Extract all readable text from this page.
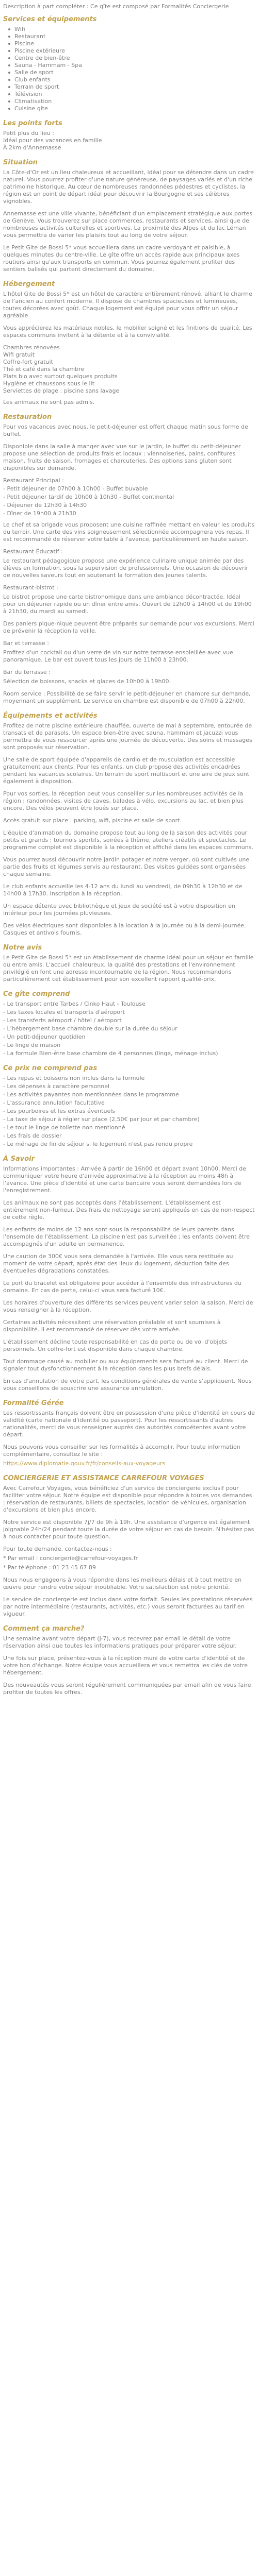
Description à part compléter : Ce gîte est composé par Formalités Conciergerie

Services et équipements
Wifi
Restaurant
Piscine
Piscine extérieure
Centre de bien-être
Sauna - Hammam - Spa
Salle de sport
Club enfants
Terrain de sport
Télévision
Climatisation
Cuisine gîte
Les points forts
Petit plus du lieu :
Idéal pour des vacances en famille
À 2km d'Annemasse
Situation

La Côte-d'Or est un lieu chaleureux et accueillant, idéal pour se détendre dans un cadre naturel. Vous pourrez profiter d'une nature généreuse, de paysages variés et d'un riche patrimoine historique. Au cœur de nombreuses randonnées pédestres et cyclistes, la région est un point de départ idéal pour découvrir la Bourgogne et ses célèbres vignobles.

Annemasse est une ville vivante, bénéficiant d'un emplacement stratégique aux portes de Genève. Vous trouverez sur place commerces, restaurants et services, ainsi que de nombreuses activités culturelles et sportives. La proximité des Alpes et du lac Léman vous permettra de varier les plaisirs tout au long de votre séjour.

Le Petit Gite de Bossi 5* vous accueillera dans un cadre verdoyant et paisible, à quelques minutes du centre-ville. Le gîte offre un accès rapide aux principaux axes routiers ainsi qu'aux transports en commun. Vous pourrez également profiter des sentiers balisés qui partent directement du domaine.

Hébergement

L'hôtel Gite de Bossi 5* est un hôtel de caractère entièrement rénové, alliant le charme de l'ancien au confort moderne. Il dispose de chambres spacieuses et lumineuses, toutes décorées avec goût. Chaque logement est équipé pour vous offrir un séjour agréable.

Vous apprécierez les matériaux nobles, le mobilier soigné et les finitions de qualité. Les espaces communs invitent à la détente et à la convivialité.

Chambres rénovées
Wifi gratuit
Coffre-fort gratuit
Thé et café dans la chambre
Plats bio avec surtout quelques produits
Hygiène et chaussons sous le lit
Serviettes de plage : piscine sans lavage

Les animaux ne sont pas admis.

Restauration

Pour vos vacances avec nous, le petit-déjeuner est offert chaque matin sous forme de buffet.

Disponible dans la salle à manger avec vue sur le jardin, le buffet du petit-déjeuner propose une sélection de produits frais et locaux : viennoiseries, pains, confitures maison, fruits de saison, fromages et charcuteries. Des options sans gluten sont disponibles sur demande.

Restaurant Principal :

- Petit déjeuner de 07h00 à 10h00 - Buffet buvable
- Petit déjeuner tardif de 10h00 à 10h30 - Buffet continental
- Déjeuner de 12h30 à 14h30
- Dîner de 19h00 à 21h30

Le chef et sa brigade vous proposent une cuisine raffinée mettant en valeur les produits du terroir. Une carte des vins soigneusement sélectionnée accompagnera vos repas. Il est recommandé de réserver votre table à l'avance, particulièrement en haute saison.

Restaurant Éducatif :

Le restaurant pédagogique propose une expérience culinaire unique animée par des élèves en formation, sous la supervision de professionnels. Une occasion de découvrir de nouvelles saveurs tout en soutenant la formation des jeunes talents.

Restaurant-bistrot :

Le bistrot propose une carte bistronomique dans une ambiance décontractée. Idéal pour un déjeuner rapide ou un dîner entre amis. Ouvert de 12h00 à 14h00 et de 19h00 à 21h30, du mardi au samedi.

Des paniers pique-nique peuvent être préparés sur demande pour vos excursions. Merci de prévenir la réception la veille.

Bar et terrasse :

Profitez d'un cocktail ou d'un verre de vin sur notre terrasse ensoleillée avec vue panoramique. Le bar est ouvert tous les jours de 11h00 à 23h00.

Bar du terrasse :

Sélection de boissons, snacks et glaces de 10h00 à 19h00.

Room service : Possibilité de se faire servir le petit-déjeuner en chambre sur demande, moyennant un supplément. Le service en chambre est disponible de 07h00 à 22h00.

Équipements et activités

Profitez de notre piscine extérieure chauffée, ouverte de mai à septembre, entourée de transats et de parasols. Un espace bien-être avec sauna, hammam et jacuzzi vous permettra de vous ressourcer après une journée de découverte. Des soins et massages sont proposés sur réservation.

Une salle de sport équipée d'appareils de cardio et de musculation est accessible gratuitement aux clients. Pour les enfants, un club propose des activités encadrées pendant les vacances scolaires. Un terrain de sport multisport et une aire de jeux sont également à disposition.

Pour vos sorties, la réception peut vous conseiller sur les nombreuses activités de la région : randonnées, visites de caves, balades à vélo, excursions au lac, et bien plus encore. Des vélos peuvent être loués sur place.

Accès gratuit sur place : parking, wifi, piscine et salle de sport.

L'équipe d'animation du domaine propose tout au long de la saison des activités pour petits et grands : tournois sportifs, soirées à thème, ateliers créatifs et spectacles. Le programme complet est disponible à la réception et affiché dans les espaces communs.

Vous pourrez aussi découvrir notre jardin potager et notre verger, où sont cultivés une partie des fruits et légumes servis au restaurant. Des visites guidées sont organisées chaque semaine.

Le club enfants accueille les 4-12 ans du lundi au vendredi, de 09h30 à 12h30 et de 14h00 à 17h30. Inscription à la réception.

Un espace détente avec bibliothèque et jeux de société est à votre disposition en intérieur pour les journées pluvieuses.

Des vélos électriques sont disponibles à la location à la journée ou à la demi-journée. Casques et antivols fournis.

Notre avis

Le Petit Gite de Bossi 5* est un établissement de charme idéal pour un séjour en famille ou entre amis. L'accueil chaleureux, la qualité des prestations et l'environnement privilégié en font une adresse incontournable de la région. Nous recommandons particulièrement cet établissement pour son excellent rapport qualité-prix.

Ce gîte comprend
- Le transport entre Tarbes / Cinko Haut - Toulouse
- Les taxes locales et transports d'aéroport
- Les transferts aéroport / hôtel / aéroport
- L'hébergement base chambre double sur la durée du séjour
- Un petit-déjeuner quotidien
- Le linge de maison
- La formule Bien-être base chambre de 4 personnes (linge, ménage inclus)
Ce prix ne comprend pas
- Les repas et boissons non inclus dans la formule
- Les dépenses à caractère personnel
- Les activités payantes non mentionnées dans le programme
- L'assurance annulation facultative
- Les pourboires et les extras éventuels
- La taxe de séjour à régler sur place (2,50€ par jour et par chambre)
- Le tout le linge de toilette non mentionné
- Les frais de dossier
- Le ménage de fin de séjour si le logement n'est pas rendu propre
À Savoir

Informations importantes : Arrivée à partir de 16h00 et départ avant 10h00. Merci de communiquer votre heure d'arrivée approximative à la réception au moins 48h à l'avance. Une pièce d'identité et une carte bancaire vous seront demandées lors de l'enregistrement.

Les animaux ne sont pas acceptés dans l'établissement. L'établissement est entièrement non-fumeur. Des frais de nettoyage seront appliqués en cas de non-respect de cette règle.

Les enfants de moins de 12 ans sont sous la responsabilité de leurs parents dans l'ensemble de l'établissement. La piscine n'est pas surveillée ; les enfants doivent être accompagnés d'un adulte en permanence.

Une caution de 300€ vous sera demandée à l'arrivée. Elle vous sera restituée au moment de votre départ, après état des lieux du logement, déduction faite des éventuelles dégradations constatées.

Le port du bracelet est obligatoire pour accéder à l'ensemble des infrastructures du domaine. En cas de perte, celui-ci vous sera facturé 10€.

Les horaires d'ouverture des différents services peuvent varier selon la saison. Merci de vous renseigner à la réception.

Certaines activités nécessitent une réservation préalable et sont soumises à disponibilité. Il est recommandé de réserver dès votre arrivée.

L'établissement décline toute responsabilité en cas de perte ou de vol d'objets personnels. Un coffre-fort est disponible dans chaque chambre.

Tout dommage causé au mobilier ou aux équipements sera facturé au client. Merci de signaler tout dysfonctionnement à la réception dans les plus brefs délais.

En cas d'annulation de votre part, les conditions générales de vente s'appliquent. Nous vous conseillons de souscrire une assurance annulation.

Formalité Gérée

Les ressortissants français doivent être en possession d'une pièce d'identité en cours de validité (carte nationale d'identité ou passeport). Pour les ressortissants d'autres nationalités, merci de vous renseigner auprès des autorités compétentes avant votre départ.

Nous pouvons vous conseiller sur les formalités à accomplir. Pour toute information complémentaire, consultez le site :

https://www.diplomatie.gouv.fr/fr/conseils-aux-voyageurs

CONCIERGERIE ET ASSISTANCE CARREFOUR VOYAGES

Avec Carrefour Voyages, vous bénéficiez d'un service de conciergerie exclusif pour faciliter votre séjour. Notre équipe est disponible pour répondre à toutes vos demandes : réservation de restaurants, billets de spectacles, location de véhicules, organisation d'excursions et bien plus encore.

Notre service est disponible 7j/7 de 9h à 19h. Une assistance d'urgence est également joignable 24h/24 pendant toute la durée de votre séjour en cas de besoin. N'hésitez pas à nous contacter pour toute question.

Pour toute demande, contactez-nous :

* Par email : conciergerie@carrefour-voyages.fr

* Par téléphone : 01 23 45 67 89

Nous nous engageons à vous répondre dans les meilleurs délais et à tout mettre en œuvre pour rendre votre séjour inoubliable. Votre satisfaction est notre priorité.

Le service de conciergerie est inclus dans votre forfait. Seules les prestations réservées par notre intermédiaire (restaurants, activités, etc.) vous seront facturées au tarif en vigueur.

Comment ça marche?

Une semaine avant votre départ (J-7), vous recevrez par email le détail de votre réservation ainsi que toutes les informations pratiques pour préparer votre séjour.

Une fois sur place, présentez-vous à la réception muni de votre carte d'identité et de votre bon d'échange. Notre équipe vous accueillera et vous remettra les clés de votre hébergement.

Des nouveautés vous seront régulièrement communiquées par email afin de vous faire profiter de toutes les offres.
